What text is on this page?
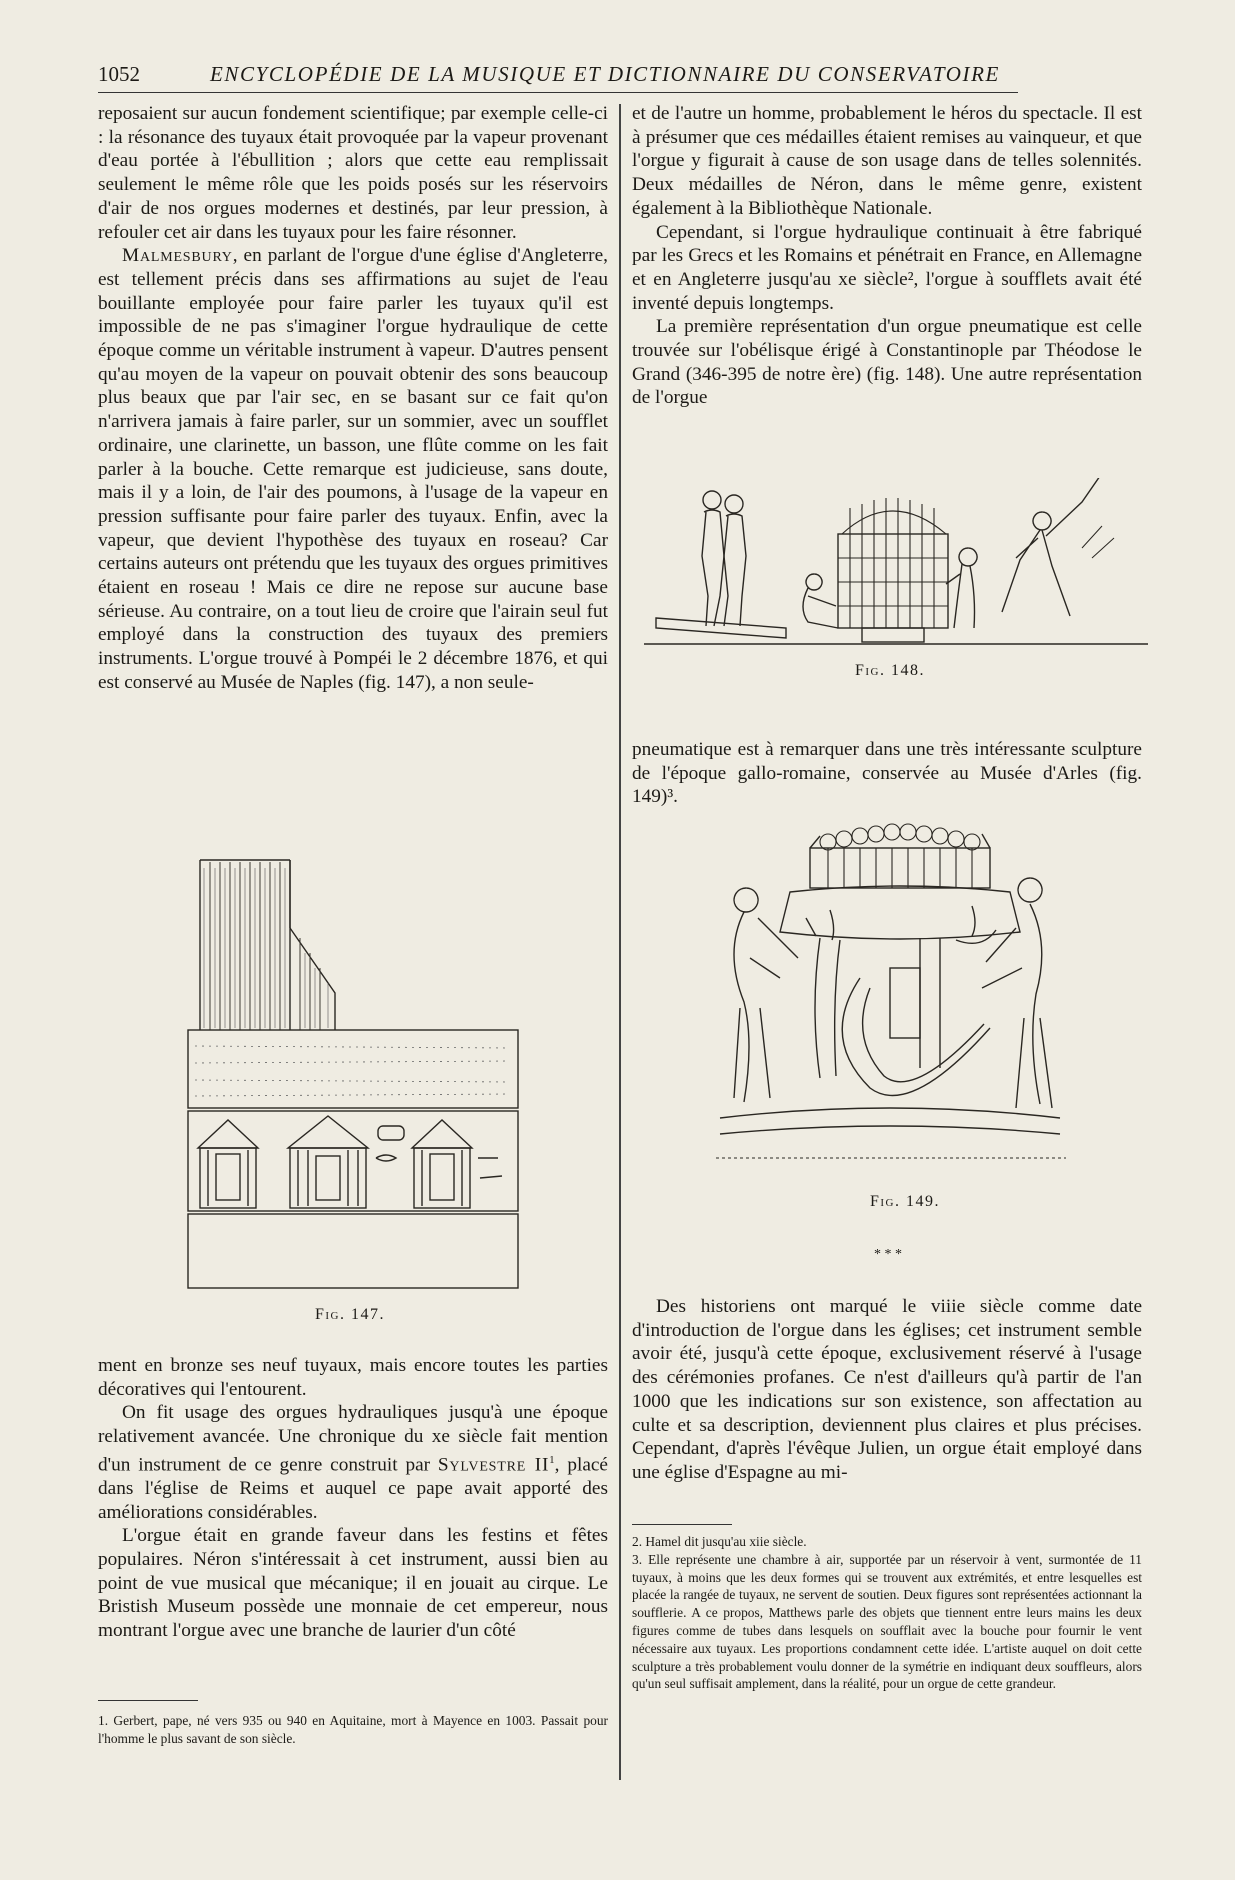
1052	ENCYCLOPÉDIE DE LA MUSIQUE ET DICTIONNAIRE DU CONSERVATOIRE

reposaient sur aucun fondement scientifique; par exemple celle-ci : la résonance des tuyaux était provoquée par la vapeur provenant d'eau portée à l'ébullition ; alors que cette eau remplissait seulement le même rôle que les poids posés sur les réservoirs d'air de nos orgues modernes et destinés, par leur pression, à refouler cet air dans les tuyaux pour les faire résonner.

Malmesbury, en parlant de l'orgue d'une église d'Angleterre, est tellement précis dans ses affirmations au sujet de l'eau bouillante employée pour faire parler les tuyaux qu'il est impossible de ne pas s'imaginer l'orgue hydraulique de cette époque comme un véritable instrument à vapeur. D'autres pensent qu'au moyen de la vapeur on pouvait obtenir des sons beaucoup plus beaux que par l'air sec, en se basant sur ce fait qu'on n'arrivera jamais à faire parler, sur un sommier, avec un soufflet ordinaire, une clarinette, un basson, une flûte comme on les fait parler à la bouche. Cette remarque est judicieuse, sans doute, mais il y a loin, de l'air des poumons, à l'usage de la vapeur en pression suffisante pour faire parler des tuyaux. Enfin, avec la vapeur, que devient l'hypothèse des tuyaux en roseau? Car certains auteurs ont prétendu que les tuyaux des orgues primitives étaient en roseau ! Mais ce dire ne repose sur aucune base sérieuse. Au contraire, on a tout lieu de croire que l'airain seul fut employé dans la construction des tuyaux des premiers instruments. L'orgue trouvé à Pompéi le 2 décembre 1876, et qui est conservé au Musée de Naples (fig. 147), a non seule-

Fig. 147.

ment en bronze ses neuf tuyaux, mais encore toutes les parties décoratives qui l'entourent.

On fit usage des orgues hydrauliques jusqu'à une époque relativement avancée. Une chronique du xe siècle fait mention d'un instrument de ce genre construit par Sylvestre $II^1$, placé dans l'église de Reims et auquel ce pape avait apporté des améliorations considérables.

L'orgue était en grande faveur dans les festins et fêtes populaires. Néron s'intéressait à cet instrument, aussi bien au point de vue musical que mécanique; il en jouait au cirque. Le Bristish Museum possède une monnaie de cet empereur, nous montrant l'orgue avec une branche de laurier d'un côté

1. Gerbert, pape, né vers 935 ou 940 en Aquitaine, mort à Mayence en 1003. Passait pour l'homme le plus savant de son siècle.

et de l'autre un homme, probablement le héros du spectacle. Il est à présumer que ces médailles étaient remises au vainqueur, et que l'orgue y figurait à cause de son usage dans de telles solennités. Deux médailles de Néron, dans le même genre, existent également à la Bibliothèque Nationale.

Cependant, si l'orgue hydraulique continuait à être fabriqué par les Grecs et les Romains et pénétrait en France, en Allemagne et en Angleterre jusqu'au xe siècle², l'orgue à soufflets avait été inventé depuis longtemps.

La première représentation d'un orgue pneumatique est celle trouvée sur l'obélisque érigé à Constantinople par Théodose le Grand (346-395 de notre ère) (fig. 148). Une autre représentation de l'orgue

Fig. 148.

pneumatique est à remarquer dans une très intéressante sculpture de l'époque gallo-romaine, conservée au Musée d'Arles (fig. 149)³.

Fig. 149.
* * *

Des historiens ont marqué le viiie siècle comme date d'introduction de l'orgue dans les églises; cet instrument semble avoir été, jusqu'à cette époque, exclusivement réservé à l'usage des cérémonies profanes. Ce n'est d'ailleurs qu'à partir de l'an 1000 que les indications sur son existence, son affectation au culte et sa description, deviennent plus claires et plus précises. Cependant, d'après l'évêque Julien, un orgue était employé dans une église d'Espagne au mi-

2. Hamel dit jusqu'au xiie siècle.

3. Elle représente une chambre à air, supportée par un réservoir à vent, surmontée de 11 tuyaux, à moins que les deux formes qui se trouvent aux extrémités, et entre lesquelles est placée la rangée de tuyaux, ne servent de soutien. Deux figures sont représentées actionnant la soufflerie. A ce propos, Matthews parle des objets que tiennent entre leurs mains les deux figures comme de tubes dans lesquels on soufflait avec la bouche pour fournir le vent nécessaire aux tuyaux. Les proportions condamnent cette idée. L'artiste auquel on doit cette sculpture a très probablement voulu donner de la symétrie en indiquant deux souffleurs, alors qu'un seul suffisait amplement, dans la réalité, pour un orgue de cette grandeur.
